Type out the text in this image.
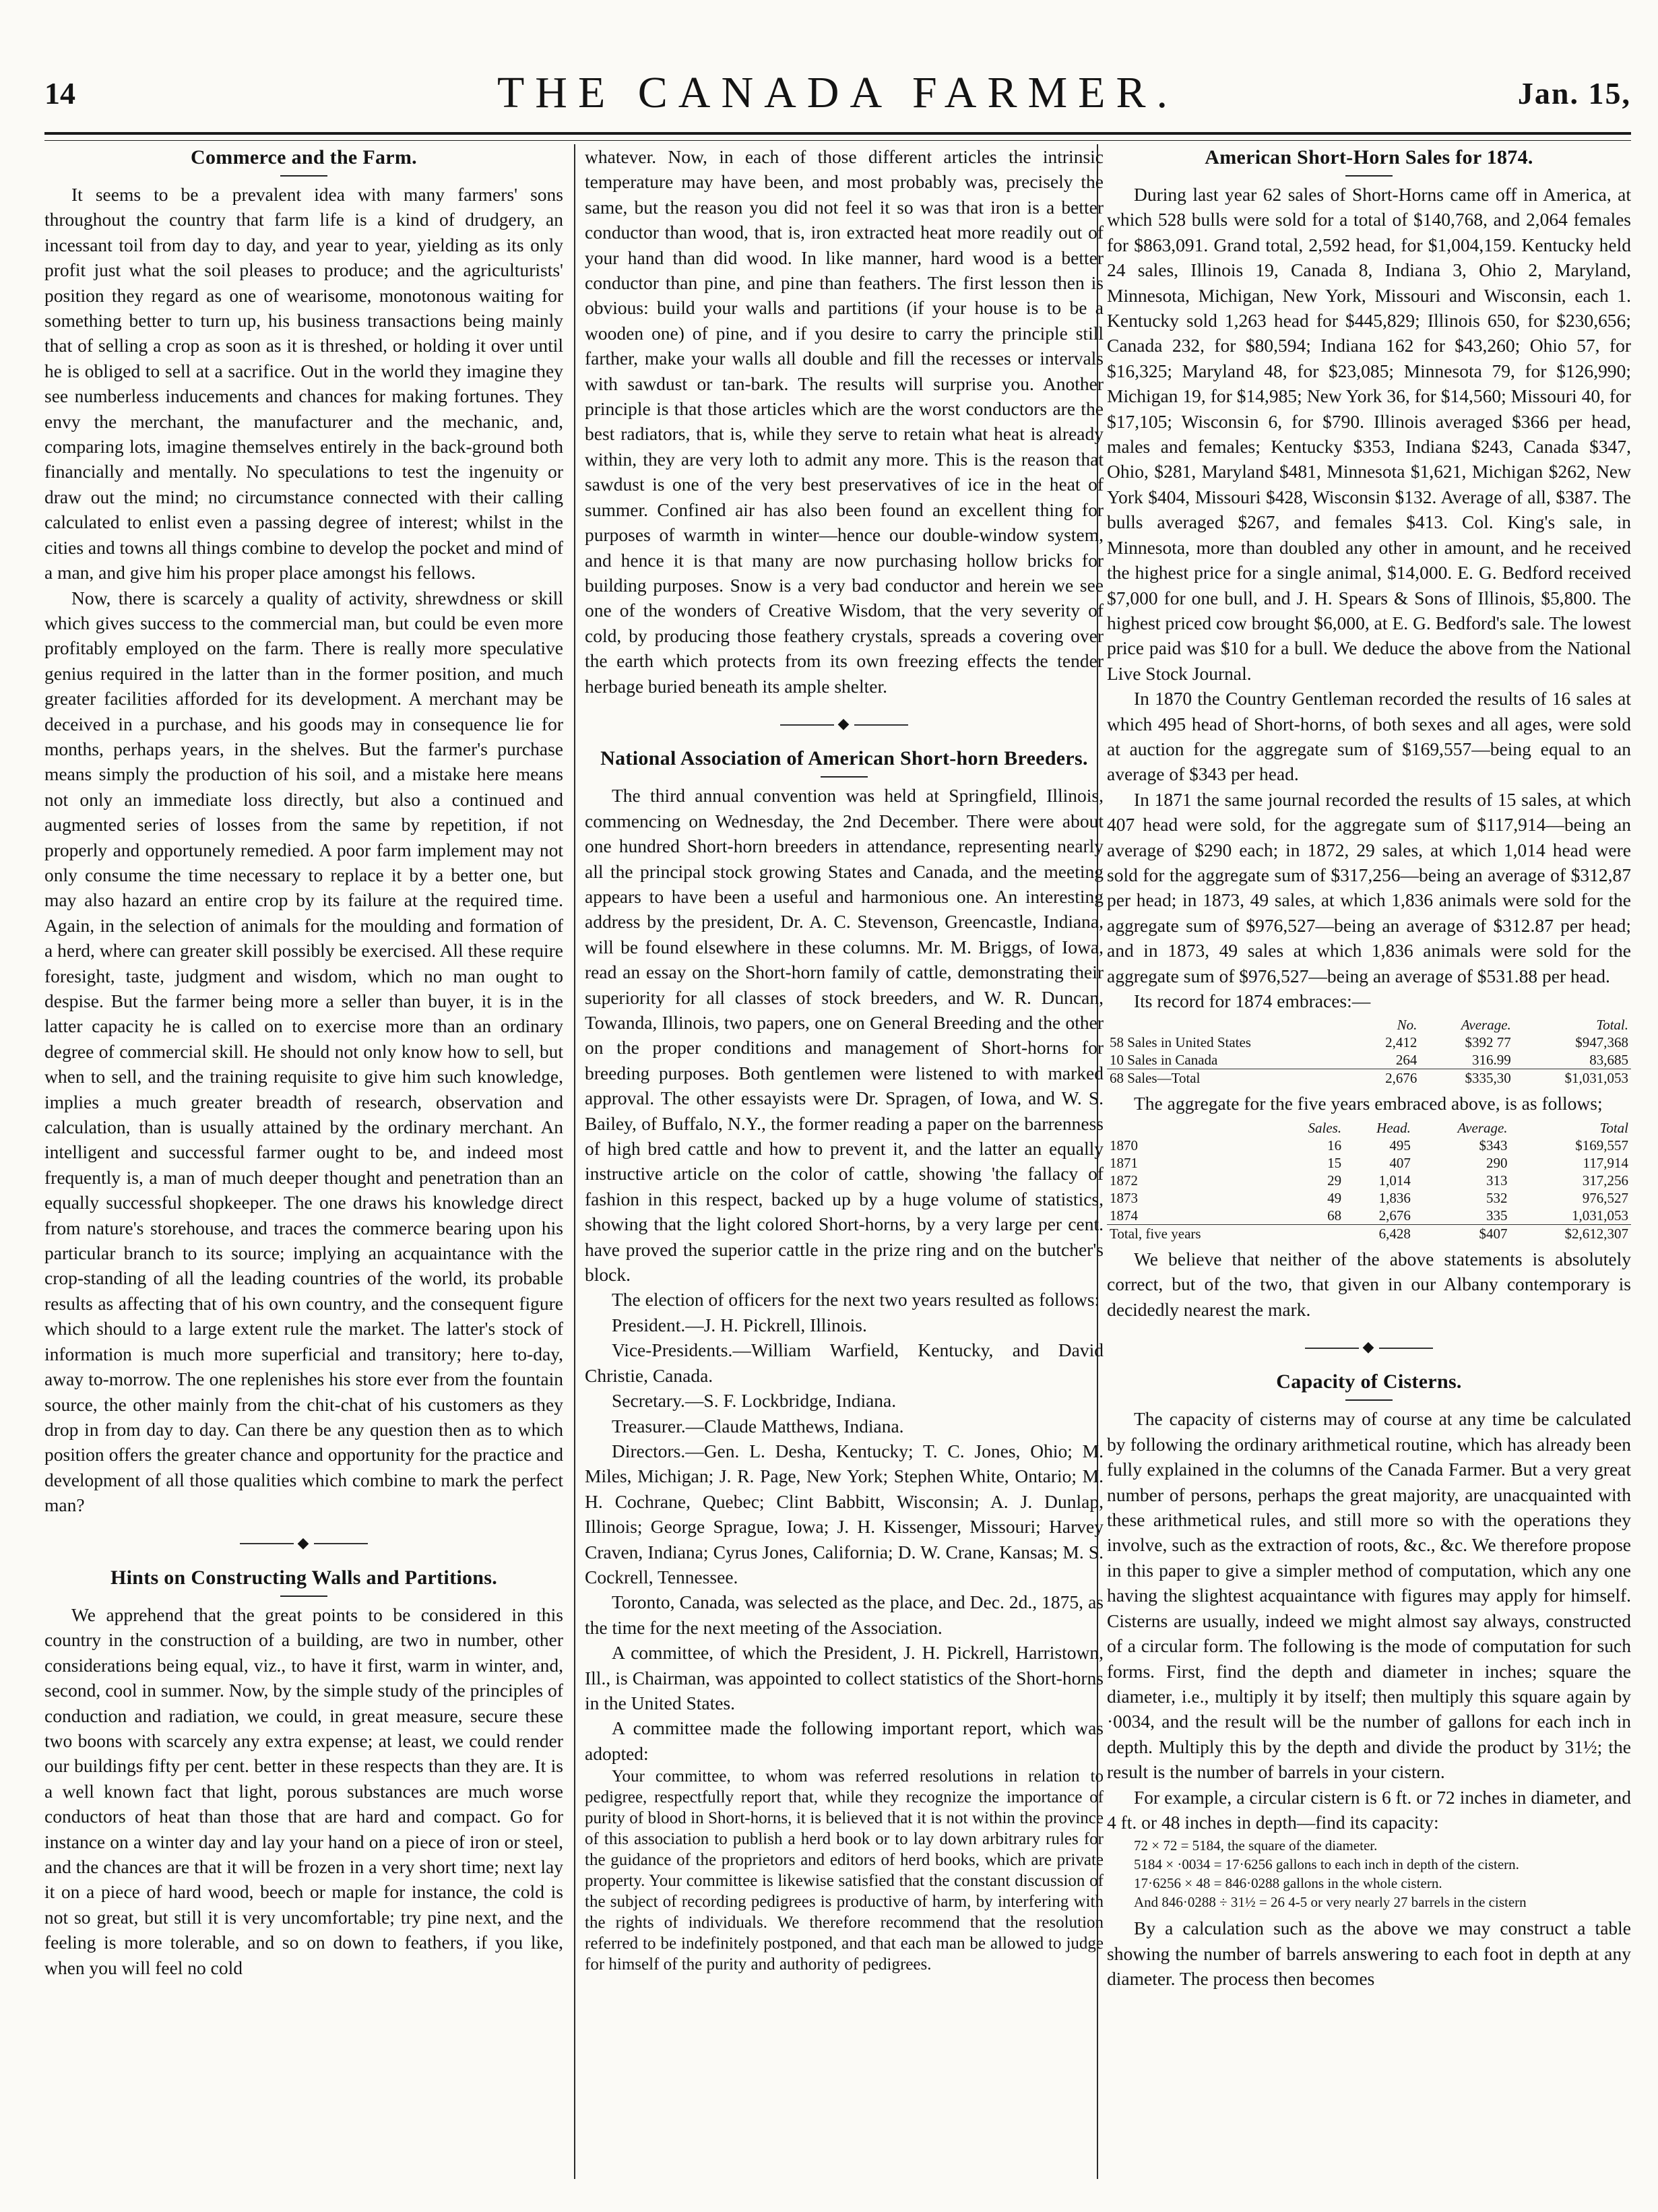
14	THE CANADA FARMER.	Jan. 15,
Commerce and the Farm.

It seems to be a prevalent idea with many farmers' sons throughout the country that farm life is a kind of drudgery, an incessant toil from day to day, and year to year, yielding as its only profit just what the soil pleases to produce; and the agriculturists' position they regard as one of wearisome, monotonous waiting for something better to turn up, his business transactions being mainly that of selling a crop as soon as it is threshed, or holding it over until he is obliged to sell at a sacrifice. Out in the world they imagine they see numberless inducements and chances for making fortunes. They envy the merchant, the manufacturer and the mechanic, and, comparing lots, imagine themselves entirely in the back-ground both financially and mentally. No speculations to test the ingenuity or draw out the mind; no circumstance connected with their calling calculated to enlist even a passing degree of interest; whilst in the cities and towns all things combine to develop the pocket and mind of a man, and give him his proper place amongst his fellows.

Now, there is scarcely a quality of activity, shrewdness or skill which gives success to the commercial man, but could be even more profitably employed on the farm. There is really more speculative genius required in the latter than in the former position, and much greater facilities afforded for its development. A merchant may be deceived in a purchase, and his goods may in consequence lie for months, perhaps years, in the shelves. But the farmer's purchase means simply the production of his soil, and a mistake here means not only an immediate loss directly, but also a continued and augmented series of losses from the same by repetition, if not properly and opportunely remedied. A poor farm implement may not only consume the time necessary to replace it by a better one, but may also hazard an entire crop by its failure at the required time. Again, in the selection of animals for the moulding and formation of a herd, where can greater skill possibly be exercised. All these require foresight, taste, judgment and wisdom, which no man ought to despise. But the farmer being more a seller than buyer, it is in the latter capacity he is called on to exercise more than an ordinary degree of commercial skill. He should not only know how to sell, but when to sell, and the training requisite to give him such knowledge, implies a much greater breadth of research, observation and calculation, than is usually attained by the ordinary merchant. An intelligent and successful farmer ought to be, and indeed most frequently is, a man of much deeper thought and penetration than an equally successful shopkeeper. The one draws his knowledge direct from nature's storehouse, and traces the commerce bearing upon his particular branch to its source; implying an acquaintance with the crop-standing of all the leading countries of the world, its probable results as affecting that of his own country, and the consequent figure which should to a large extent rule the market. The latter's stock of information is much more superficial and transitory; here to-day, away to-morrow. The one replenishes his store ever from the fountain source, the other mainly from the chit-chat of his customers as they drop in from day to day. Can there be any question then as to which position offers the greater chance and opportunity for the practice and development of all those qualities which combine to mark the perfect man?

◆
Hints on Constructing Walls and Partitions.

We apprehend that the great points to be considered in this country in the construction of a building, are two in number, other considerations being equal, viz., to have it first, warm in winter, and, second, cool in summer. Now, by the simple study of the principles of conduction and radiation, we could, in great measure, secure these two boons with scarcely any extra expense; at least, we could render our buildings fifty per cent. better in these respects than they are. It is a well known fact that light, porous substances are much worse conductors of heat than those that are hard and compact. Go for instance on a winter day and lay your hand on a piece of iron or steel, and the chances are that it will be frozen in a very short time; next lay it on a piece of hard wood, beech or maple for instance, the cold is not so great, but still it is very uncomfortable; try pine next, and the feeling is more tolerable, and so on down to feathers, if you like, when you will feel no cold

whatever. Now, in each of those different articles the intrinsic temperature may have been, and most probably was, precisely the same, but the reason you did not feel it so was that iron is a better conductor than wood, that is, iron extracted heat more readily out of your hand than did wood. In like manner, hard wood is a better conductor than pine, and pine than feathers. The first lesson then is obvious: build your walls and partitions (if your house is to be a wooden one) of pine, and if you desire to carry the principle still farther, make your walls all double and fill the recesses or intervals with sawdust or tan-bark. The results will surprise you. Another principle is that those articles which are the worst conductors are the best radiators, that is, while they serve to retain what heat is already within, they are very loth to admit any more. This is the reason that sawdust is one of the very best preservatives of ice in the heat of summer. Confined air has also been found an excellent thing for purposes of warmth in winter—hence our double-window system, and hence it is that many are now purchasing hollow bricks for building purposes. Snow is a very bad conductor and herein we see one of the wonders of Creative Wisdom, that the very severity of cold, by producing those feathery crystals, spreads a covering over the earth which protects from its own freezing effects the tender herbage buried beneath its ample shelter.

◆
National Association of American Short-horn Breeders.

The third annual convention was held at Springfield, Illinois, commencing on Wednesday, the 2nd December. There were about one hundred Short-horn breeders in attendance, representing nearly all the principal stock growing States and Canada, and the meeting appears to have been a useful and harmonious one. An interesting address by the president, Dr. A. C. Stevenson, Greencastle, Indiana, will be found elsewhere in these columns. Mr. M. Briggs, of Iowa, read an essay on the Short-horn family of cattle, demonstrating their superiority for all classes of stock breeders, and W. R. Duncan, Towanda, Illinois, two papers, one on General Breeding and the other on the proper conditions and management of Short-horns for breeding purposes. Both gentlemen were listened to with marked approval. The other essayists were Dr. Spragen, of Iowa, and W. S. Bailey, of Buffalo, N.Y., the former reading a paper on the barrenness of high bred cattle and how to prevent it, and the latter an equally instructive article on the color of cattle, showing 'the fallacy of fashion in this respect, backed up by a huge volume of statistics, showing that the light colored Short-horns, by a very large per cent. have proved the superior cattle in the prize ring and on the butcher's block.

The election of officers for the next two years resulted as follows:

President.—J. H. Pickrell, Illinois.

Vice-Presidents.—William Warfield, Kentucky, and David Christie, Canada.

Secretary.—S. F. Lockbridge, Indiana.

Treasurer.—Claude Matthews, Indiana.

Directors.—Gen. L. Desha, Kentucky; T. C. Jones, Ohio; M. Miles, Michigan; J. R. Page, New York; Stephen White, Ontario; M. H. Cochrane, Quebec; Clint Babbitt, Wisconsin; A. J. Dunlap, Illinois; George Sprague, Iowa; J. H. Kissenger, Missouri; Harvey Craven, Indiana; Cyrus Jones, California; D. W. Crane, Kansas; M. S. Cockrell, Tennessee.

Toronto, Canada, was selected as the place, and Dec. 2d., 1875, as the time for the next meeting of the Association.

A committee, of which the President, J. H. Pickrell, Harristown, Ill., is Chairman, was appointed to collect statistics of the Short-horns in the United States.

A committee made the following important report, which was adopted:

Your committee, to whom was referred resolutions in relation to pedigree, respectfully report that, while they recognize the importance of purity of blood in Short-horns, it is believed that it is not within the province of this association to publish a herd book or to lay down arbitrary rules for the guidance of the proprietors and editors of herd books, which are private property. Your committee is likewise satisfied that the constant discussion of the subject of recording pedigrees is productive of harm, by interfering with the rights of individuals. We therefore recommend that the resolution referred to be indefinitely postponed, and that each man be allowed to judge for himself of the purity and authority of pedigrees.

American Short-Horn Sales for 1874.

During last year 62 sales of Short-Horns came off in America, at which 528 bulls were sold for a total of $140,768, and 2,064 females for $863,091. Grand total, 2,592 head, for $1,004,159. Kentucky held 24 sales, Illinois 19, Canada 8, Indiana 3, Ohio 2, Maryland, Minnesota, Michigan, New York, Missouri and Wisconsin, each 1. Kentucky sold 1,263 head for $445,829; Illinois 650, for $230,656; Canada 232, for $80,594; Indiana 162 for $43,260; Ohio 57, for $16,325; Maryland 48, for $23,085; Minnesota 79, for $126,990; Michigan 19, for $14,985; New York 36, for $14,560; Missouri 40, for $17,105; Wisconsin 6, for $790. Illinois averaged $366 per head, males and females; Kentucky $353, Indiana $243, Canada $347, Ohio, $281, Maryland $481, Minnesota $1,621, Michigan $262, New York $404, Missouri $428, Wisconsin $132. Average of all, $387. The bulls averaged $267, and females $413. Col. King's sale, in Minnesota, more than doubled any other in amount, and he received the highest price for a single animal, $14,000. E. G. Bedford received $7,000 for one bull, and J. H. Spears & Sons of Illinois, $5,800. The highest priced cow brought $6,000, at E. G. Bedford's sale. The lowest price paid was $10 for a bull. We deduce the above from the National Live Stock Journal.

In 1870 the Country Gentleman recorded the results of 16 sales at which 495 head of Short-horns, of both sexes and all ages, were sold at auction for the aggregate sum of $169,557—being equal to an average of $343 per head.

In 1871 the same journal recorded the results of 15 sales, at which 407 head were sold, for the aggregate sum of $117,914—being an average of $290 each; in 1872, 29 sales, at which 1,014 head were sold for the aggregate sum of $317,256—being an average of $312,87 per head; in 1873, 49 sales, at which 1,836 animals were sold for the aggregate sum of $976,527—being an average of $312.87 per head; and in 1873, 49 sales at which 1,836 animals were sold for the aggregate sum of $976,527—being an average of $531.88 per head.

Its record for 1874 embraces:—

	No.	Average.	Total.
58 Sales in United States	2,412	$392 77	$947,368
10 Sales in Canada	264	316.99	83,685
68 Sales—Total	2,676	$335,30	$1,031,053

The aggregate for the five years embraced above, is as follows;

	Sales.	Head.	Average.	Total
1870	16	495	$343	$169,557
1871	15	407	290	117,914
1872	29	1,014	313	317,256
1873	49	1,836	532	976,527
1874	68	2,676	335	1,031,053
Total, five years		6,428	$407	$2,612,307

We believe that neither of the above statements is absolutely correct, but of the two, that given in our Albany contemporary is decidedly nearest the mark.

◆
Capacity of Cisterns.

The capacity of cisterns may of course at any time be calculated by following the ordinary arithmetical routine, which has already been fully explained in the columns of the Canada Farmer. But a very great number of persons, perhaps the great majority, are unacquainted with these arithmetical rules, and still more so with the operations they involve, such as the extraction of roots, &c., &c. We therefore propose in this paper to give a simpler method of computation, which any one having the slightest acquaintance with figures may apply for himself. Cisterns are usually, indeed we might almost say always, constructed of a circular form. The following is the mode of computation for such forms. First, find the depth and diameter in inches; square the diameter, i.e., multiply it by itself; then multiply this square again by ·0034, and the result will be the number of gallons for each inch in depth. Multiply this by the depth and divide the product by 31½; the result is the number of barrels in your cistern.

For example, a circular cistern is 6 ft. or 72 inches in diameter, and 4 ft. or 48 inches in depth—find its capacity:

72 × 72 = 5184, the square of the diameter.
5184 × ·0034 = 17·6256 gallons to each inch in depth of the cistern.
17·6256 × 48 = 846·0288 gallons in the whole cistern.
And 846·0288 ÷ 31½ = 26 4-5 or very nearly 27 barrels in the cistern

By a calculation such as the above we may construct a table showing the number of barrels answering to each foot in depth at any diameter. The process then becomes
